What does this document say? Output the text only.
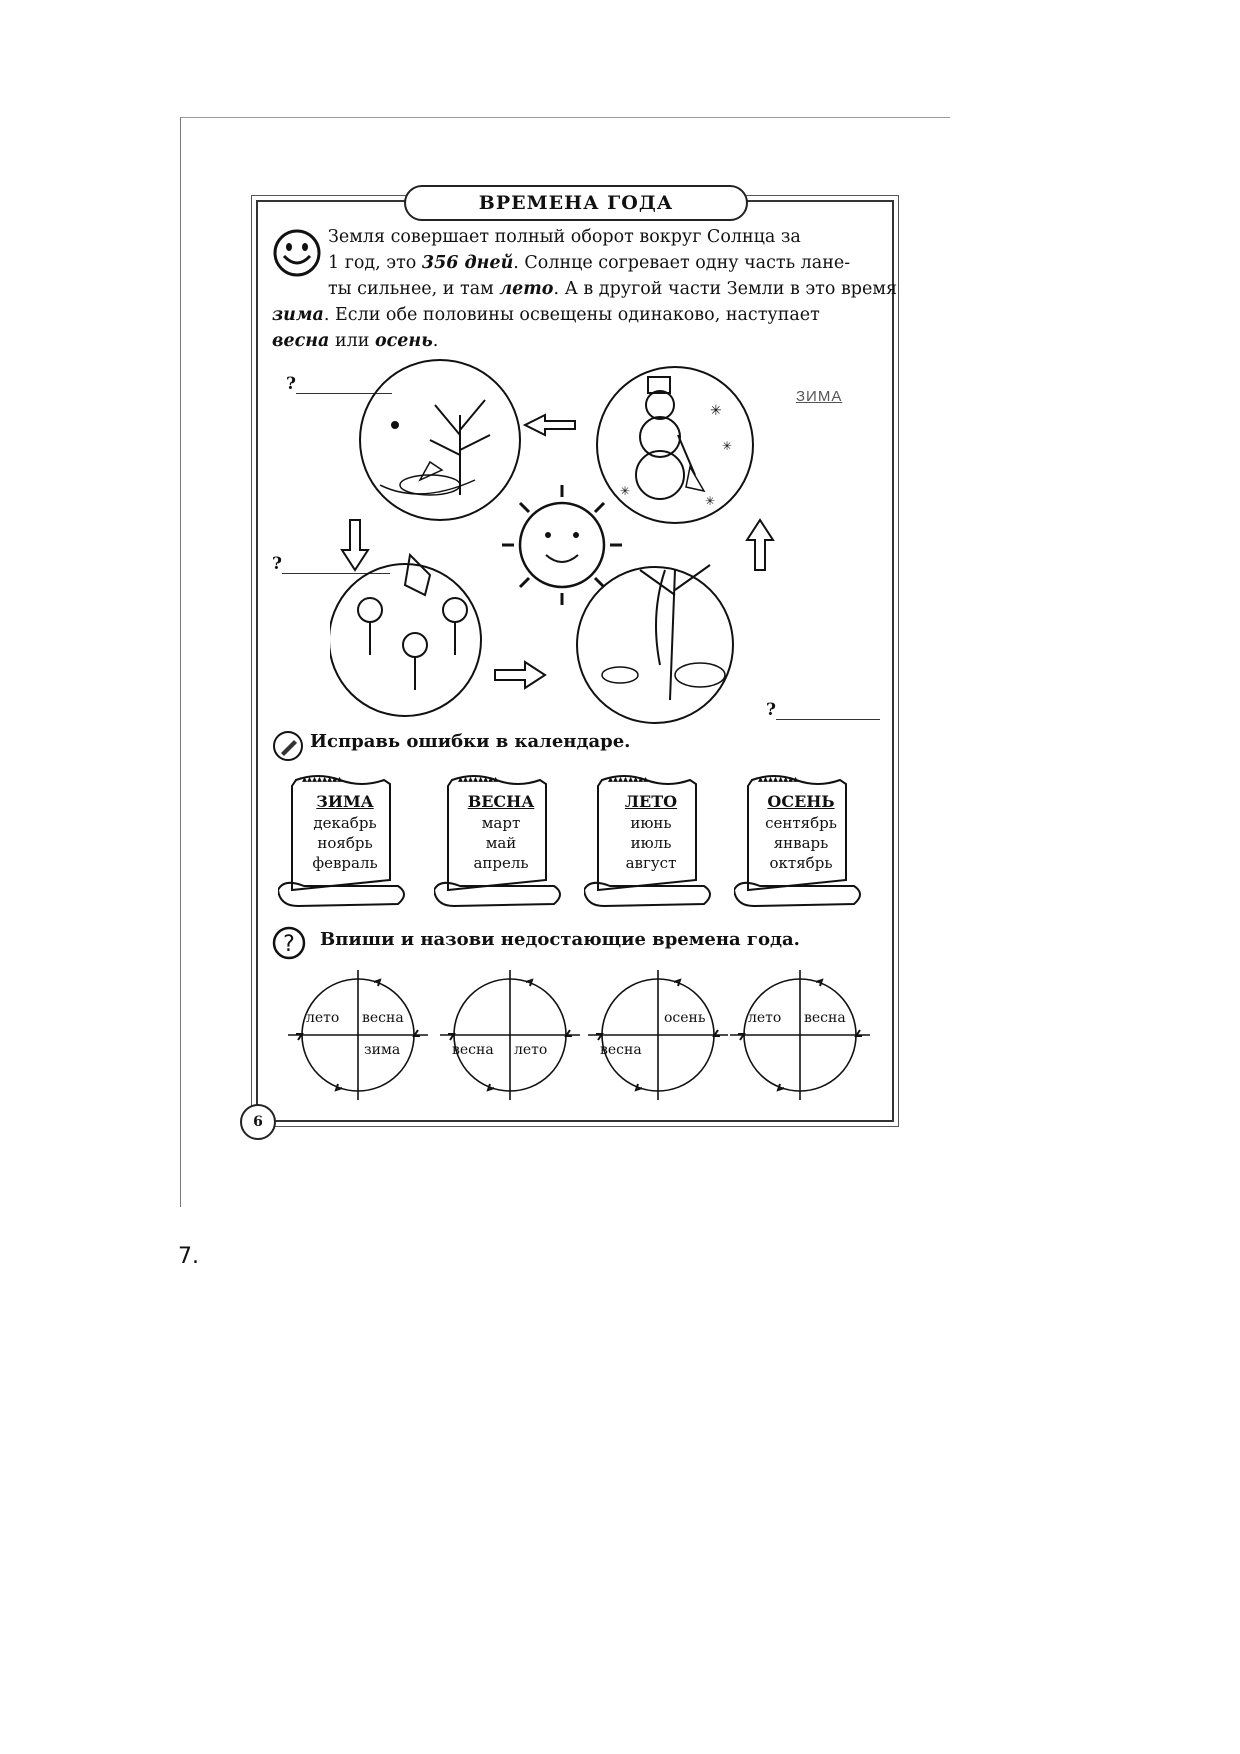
ВРЕМЕНА ГОДА
Земля совершает полный оборот вокруг Солнца за
1 год, это 356 дней. Солнце согревает одну часть ланe-
ты сильнее, и там лето. А в другой части Земли в это время
зима. Если обе половины освещены одинаково, наступает
весна или осень.
?
?
?
ЗИМА
✳
✳
✳
✳
Исправь ошибки в календаре.
▴▴▴▴▴▴▴▴
ЗИМА
декабрь
ноябрь
февраль
▴▴▴▴▴▴▴▴
ВЕСНА
март
май
апрель
▴▴▴▴▴▴▴▴
ЛЕТО
июнь
июль
август
▴▴▴▴▴▴▴▴
ОСЕНЬ
сентябрь
январь
октябрь
? Впиши и назови недостающие времена года.
лето весна
зима	весна лето
осень
весна
лето весна
6
7.
